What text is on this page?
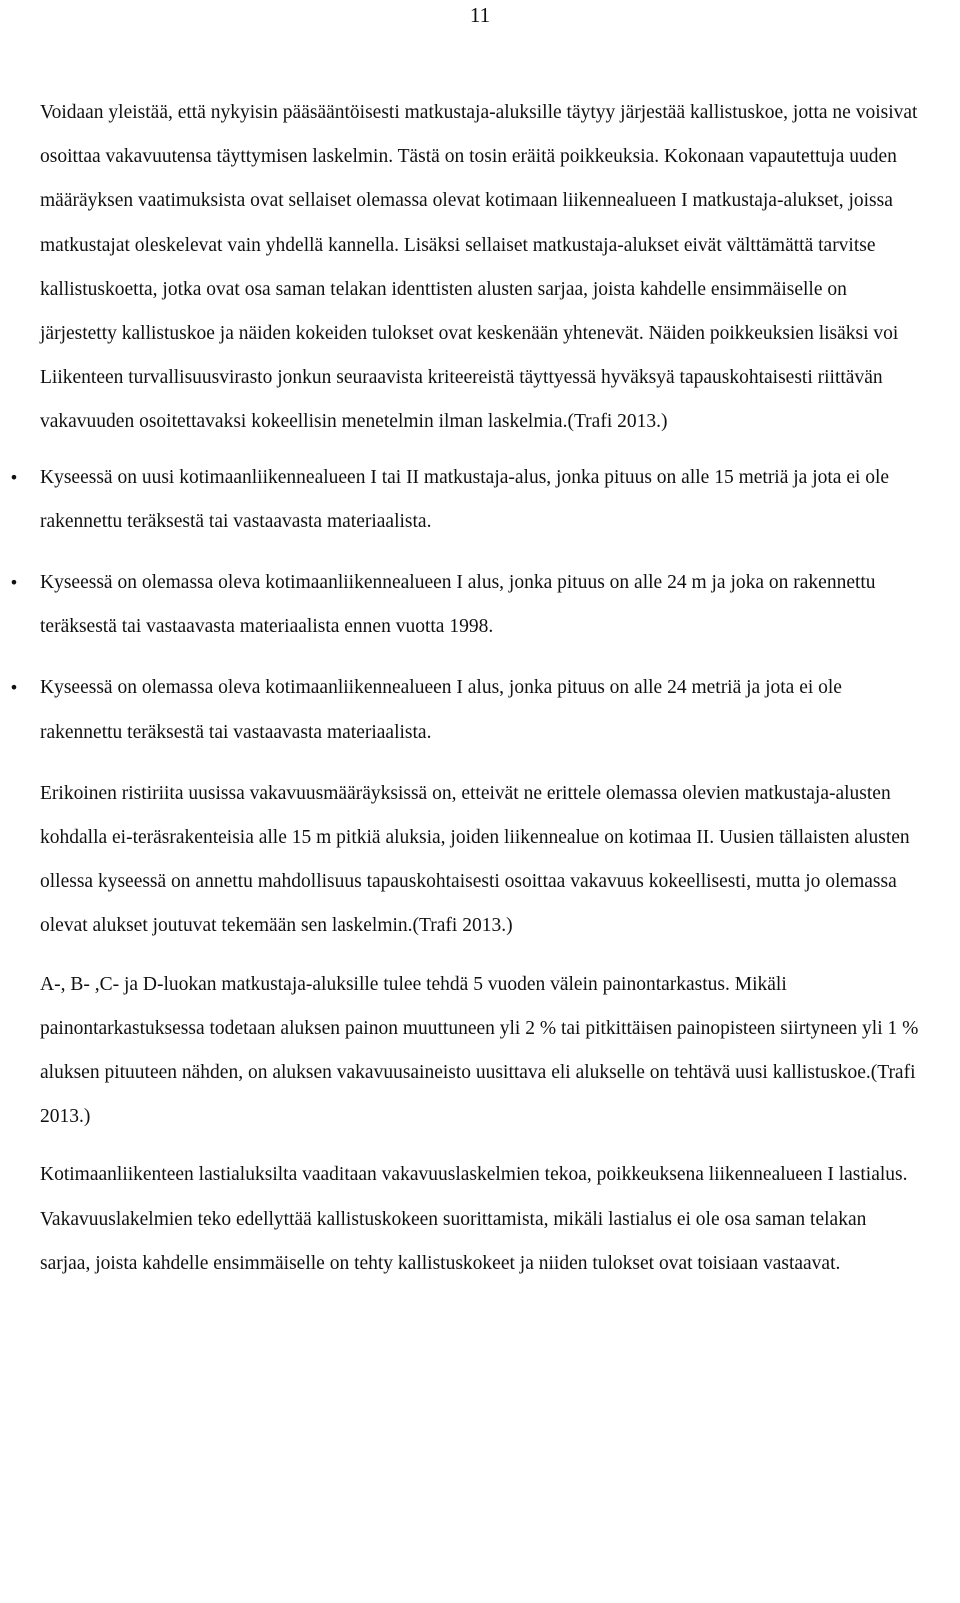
11

Voidaan yleistää, että nykyisin pääsääntöisesti matkustaja-aluksille täytyy järjestää kallistuskoe, jotta ne voisivat osoittaa vakavuutensa täyttymisen laskelmin. Tästä on tosin eräitä poikkeuksia. Kokonaan vapautettuja uuden määräyksen vaatimuksista ovat sellaiset olemassa olevat kotimaan liikennealueen I matkustaja-alukset, joissa matkustajat oleskelevat vain yhdellä kannella. Lisäksi sellaiset matkustaja-alukset eivät välttämättä tarvitse kallistuskoetta, jotka ovat osa saman telakan identtisten alusten sarjaa, joista kahdelle ensimmäiselle on järjestetty kallistuskoe ja näiden kokeiden tulokset ovat keskenään yhtenevät. Näiden poikkeuksien lisäksi voi Liikenteen turvallisuusvirasto jonkun seuraavista kriteereistä täyttyessä hyväksyä tapauskohtaisesti riittävän vakavuuden osoitettavaksi kokeellisin menetelmin ilman laskelmia.(Trafi 2013.)

• Kyseessä on uusi kotimaanliikennealueen I tai II matkustaja-alus, jonka pituus on alle 15 metriä ja jota ei ole rakennettu teräksestä tai vastaavasta materiaalista.
• Kyseessä on olemassa oleva kotimaanliikennealueen I alus, jonka pituus on alle 24 m ja joka on rakennettu teräksestä tai vastaavasta materiaalista ennen vuotta 1998.
• Kyseessä on olemassa oleva kotimaanliikennealueen I alus, jonka pituus on alle 24 metriä ja jota ei ole rakennettu teräksestä tai vastaavasta materiaalista.

Erikoinen ristiriita uusissa vakavuusmääräyksissä on, etteivät ne erittele olemassa olevien matkustaja-alusten kohdalla ei-teräsrakenteisia alle 15 m pitkiä aluksia, joiden liikennealue on kotimaa II. Uusien tällaisten alusten ollessa kyseessä on annettu mahdollisuus tapauskohtaisesti osoittaa vakavuus kokeellisesti, mutta jo olemassa olevat alukset joutuvat tekemään sen laskelmin.(Trafi 2013.)

A-, B- ,C- ja D-luokan matkustaja-aluksille tulee tehdä 5 vuoden välein painontarkastus. Mikäli painontarkastuksessa todetaan aluksen painon muuttuneen yli 2 % tai pitkittäisen painopisteen siirtyneen yli 1 % aluksen pituuteen nähden, on aluksen vakavuusaineisto uusittava eli alukselle on tehtävä uusi kallistuskoe.(Trafi 2013.)

Kotimaanliikenteen lastialuksilta vaaditaan vakavuuslaskelmien tekoa, poikkeuksena liikennealueen I lastialus. Vakavuuslakelmien teko edellyttää kallistuskokeen suorittamista, mikäli lastialus ei ole osa saman telakan sarjaa, joista kahdelle ensimmäiselle on tehty kallistuskokeet ja niiden tulokset ovat toisiaan vastaavat.
